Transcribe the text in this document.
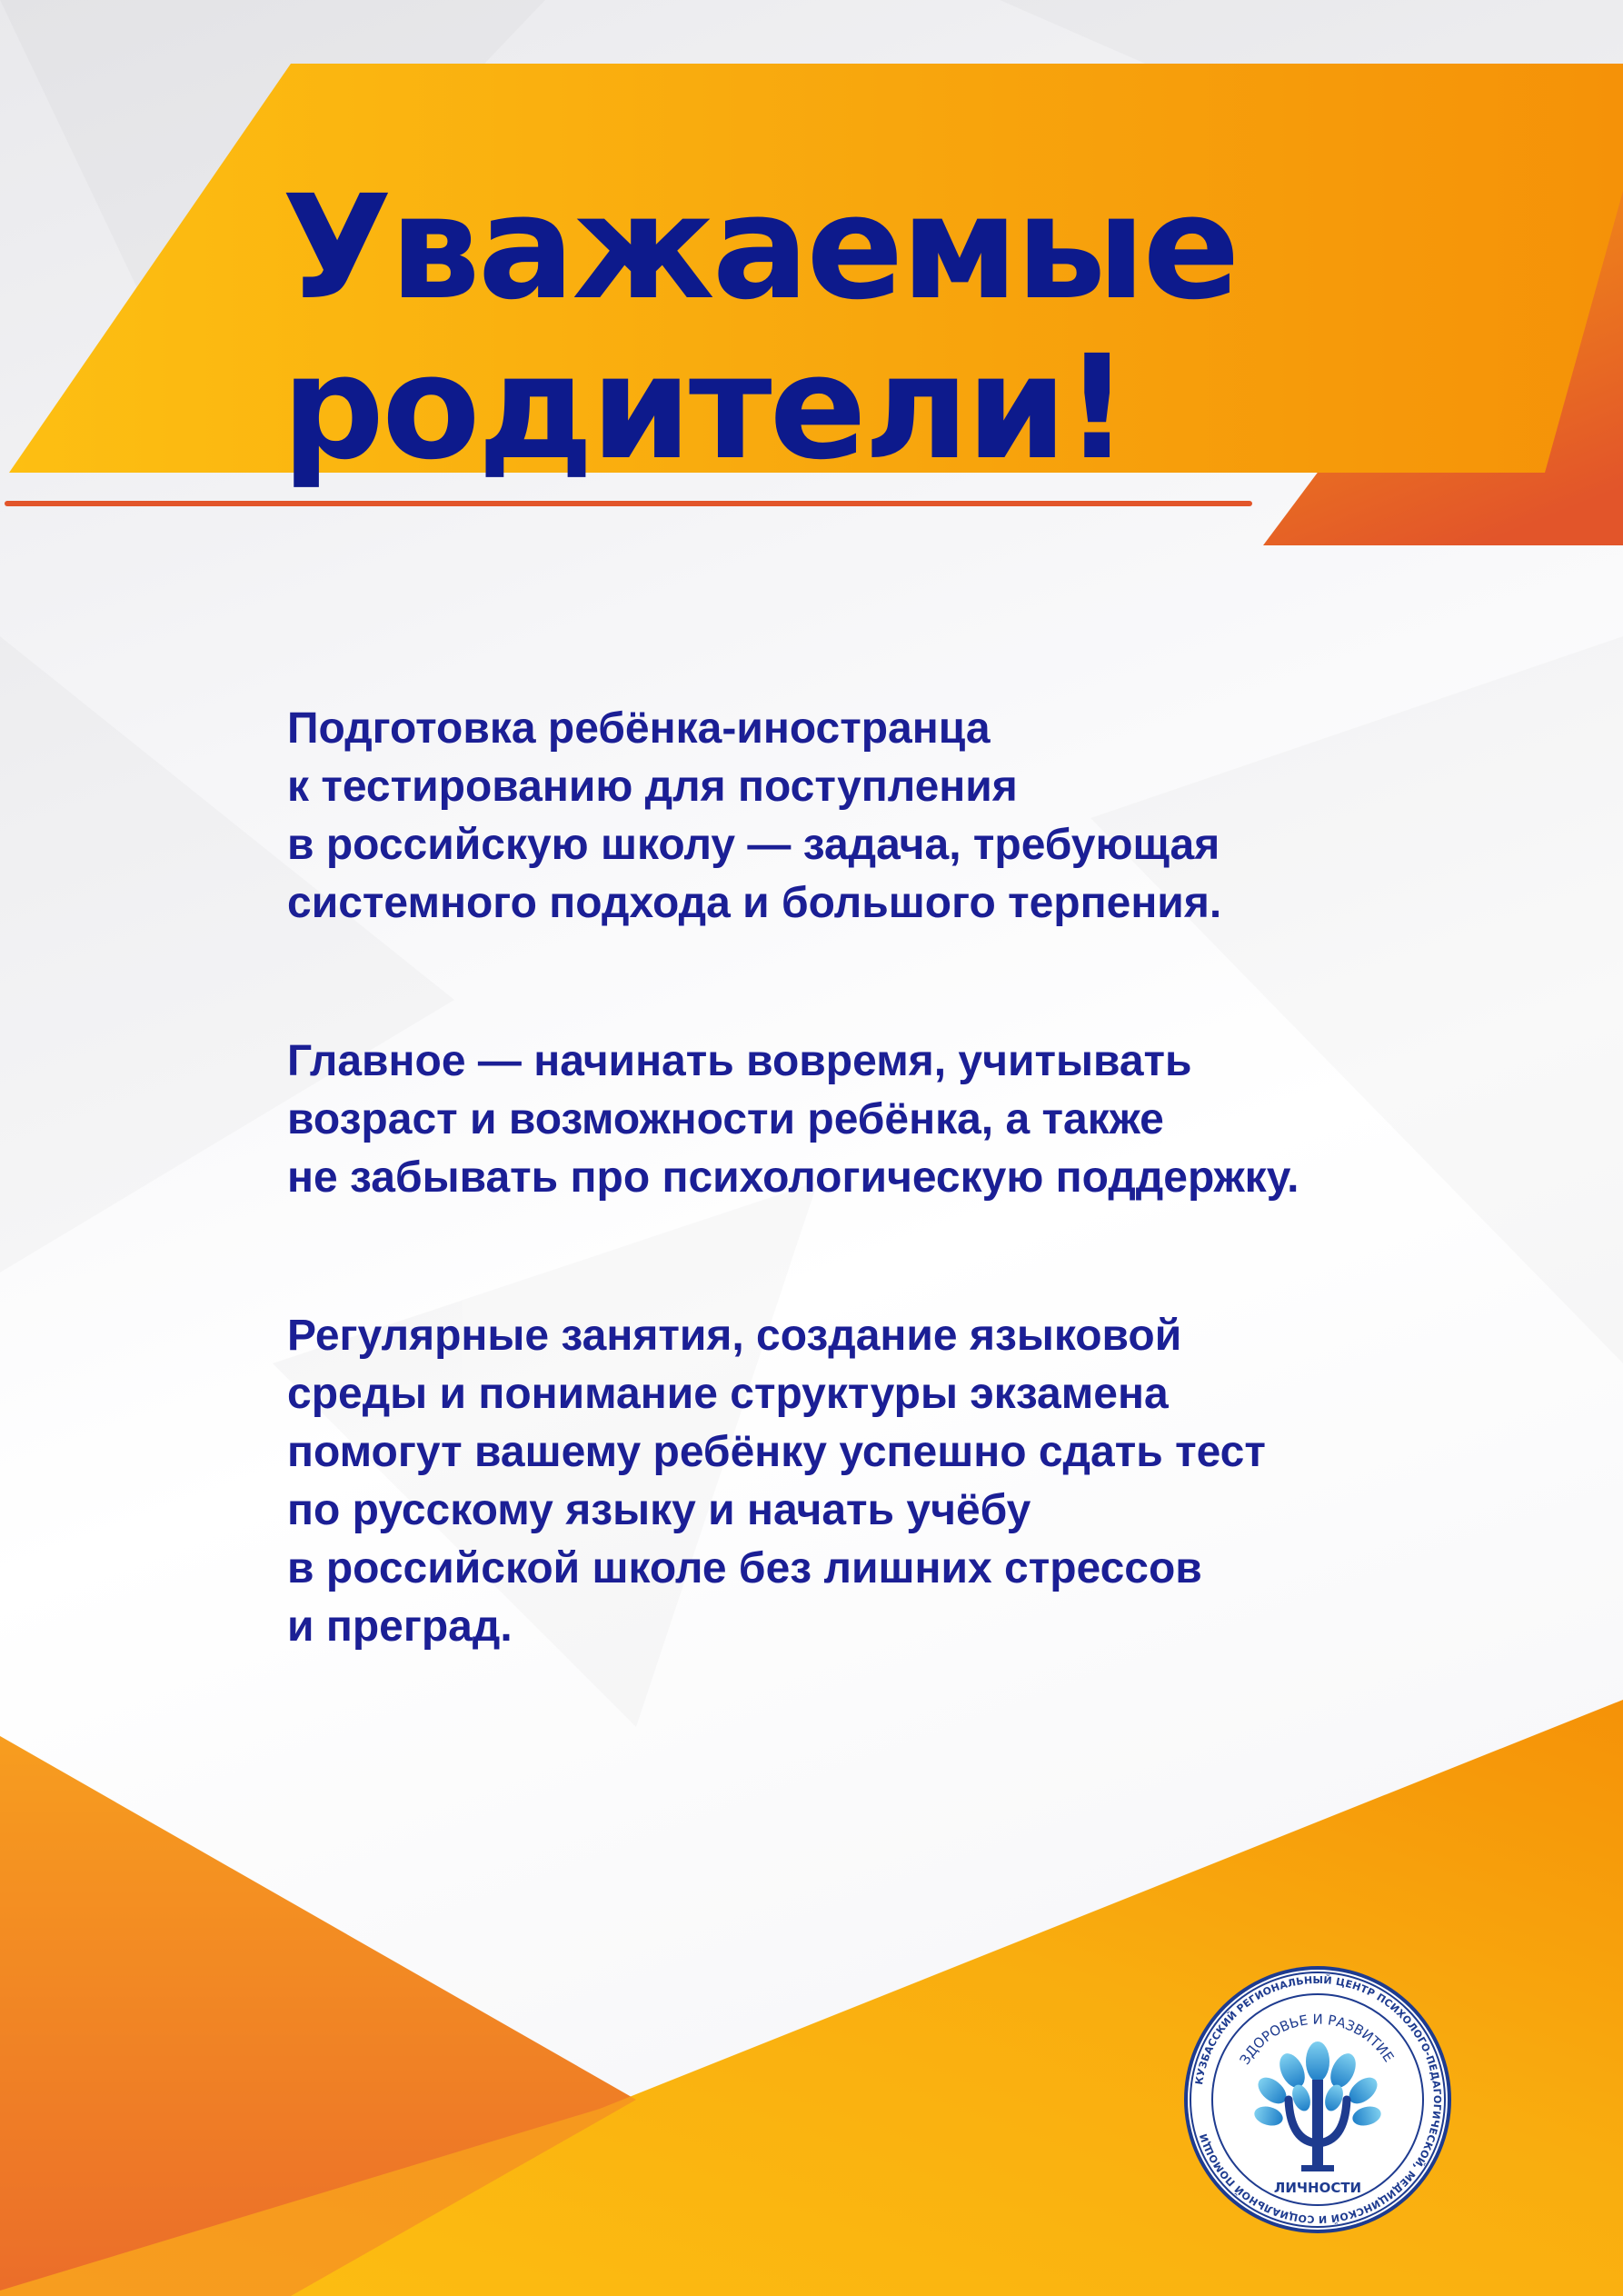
Уважаемые
родители!

Подготовка ребёнка-иностранца
к тестированию для поступления
в российскую школу — задача, требующая
системного подхода и большого терпения.

Главное — начинать вовремя, учитывать
возраст и возможности ребёнка, а также
не забывать про психологическую поддержку.

Регулярные занятия, создание языковой
среды и понимание структуры экзамена
помогут вашему ребёнку успешно сдать тест
по русскому языку и начать учёбу
в российской школе без лишних стрессов
и преград.

КУЗБАССКИЙ РЕГИОНАЛЬНЫЙ ЦЕНТР ПСИХОЛОГО-ПЕДАГОГИЧЕСКОЙ, МЕДИЦИНСКОЙ И СОЦИАЛЬНОЙ ПОМОЩИ
ЗДОРОВЬЕ И РАЗВИТИЕ
ЛИЧНОСТИ
